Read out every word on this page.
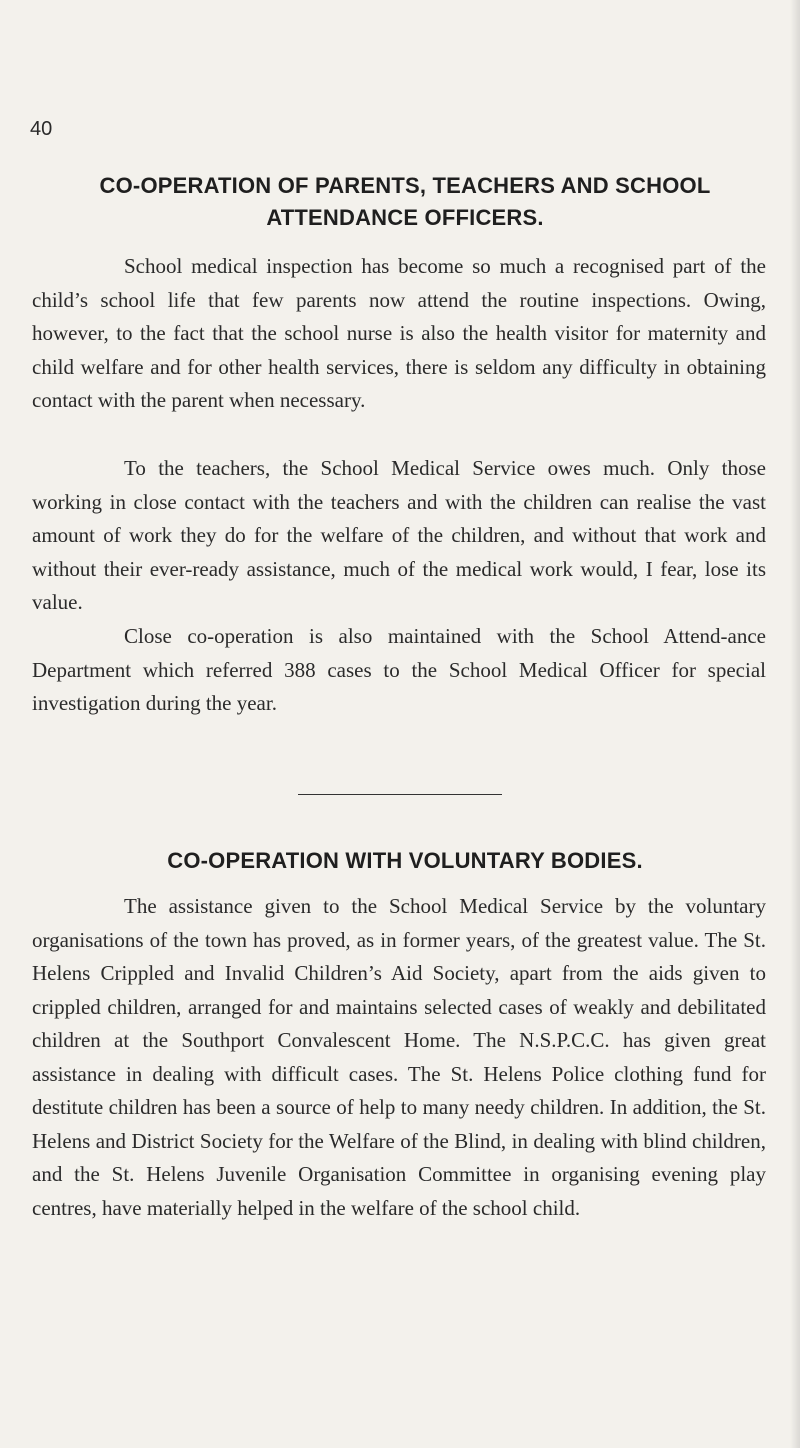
40
CO-OPERATION OF PARENTS, TEACHERS AND SCHOOL
ATTENDANCE OFFICERS.

School medical inspection has become so much a recognised part of the child’s school life that few parents now attend the routine inspections. Owing, however, to the fact that the school nurse is also the health visitor for maternity and child welfare and for other health services, there is seldom any difficulty in obtaining contact with the parent when necessary.

To the teachers, the School Medical Service owes much. Only those working in close contact with the teachers and with the children can realise the vast amount of work they do for the welfare of the children, and without that work and without their ever-ready assistance, much of the medical work would, I fear, lose its value.

Close co-operation is also maintained with the School Attend-ance Department which referred 388 cases to the School Medical Officer for special investigation during the year.

CO-OPERATION WITH VOLUNTARY BODIES.

The assistance given to the School Medical Service by the voluntary organisations of the town has proved, as in former years, of the greatest value. The St. Helens Crippled and Invalid Children’s Aid Society, apart from the aids given to crippled children, arranged for and maintains selected cases of weakly and debilitated children at the Southport Convalescent Home. The N.S.P.C.C. has given great assistance in dealing with difficult cases. The St. Helens Police clothing fund for destitute children has been a source of help to many needy children. In addition, the St. Helens and District Society for the Welfare of the Blind, in dealing with blind children, and the St. Helens Juvenile Organisation Committee in organising evening play centres, have materially helped in the welfare of the school child.
